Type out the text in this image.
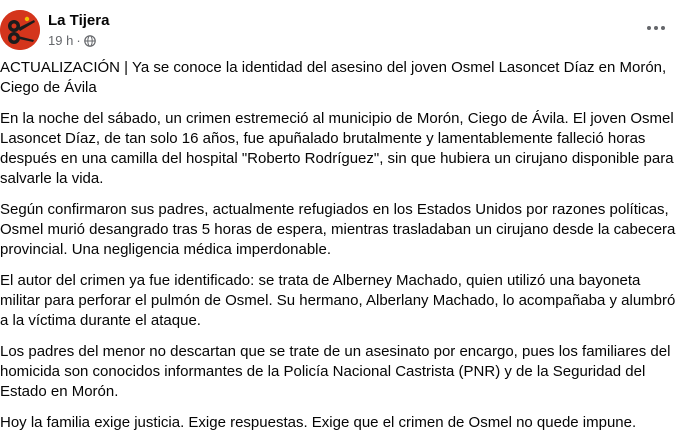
La Tijera
19 h ·

ACTUALIZACIÓN | Ya se conoce la identidad del asesino del joven Osmel Lasoncet Díaz en Morón, Ciego de Ávila

En la noche del sábado, un crimen estremeció al municipio de Morón, Ciego de Ávila. El joven Osmel Lasoncet Díaz, de tan solo 16 años, fue apuñalado brutalmente y lamentablemente falleció horas después en una camilla del hospital "Roberto Rodríguez", sin que hubiera un cirujano disponible para salvarle la vida.

Según confirmaron sus padres, actualmente refugiados en los Estados Unidos por razones políticas, Osmel murió desangrado tras 5 horas de espera, mientras trasladaban un cirujano desde la cabecera provincial. Una negligencia médica imperdonable.

El autor del crimen ya fue identificado: se trata de Alberney Machado, quien utilizó una bayoneta militar para perforar el pulmón de Osmel. Su hermano, Alberlany Machado, lo acompañaba y alumbró a la víctima durante el ataque.

Los padres del menor no descartan que se trate de un asesinato por encargo, pues los familiares del homicida son conocidos informantes de la Policía Nacional Castrista (PNR) y de la Seguridad del Estado en Morón.

Hoy la familia exige justicia. Exige respuestas. Exige que el crimen de Osmel no quede impune.
